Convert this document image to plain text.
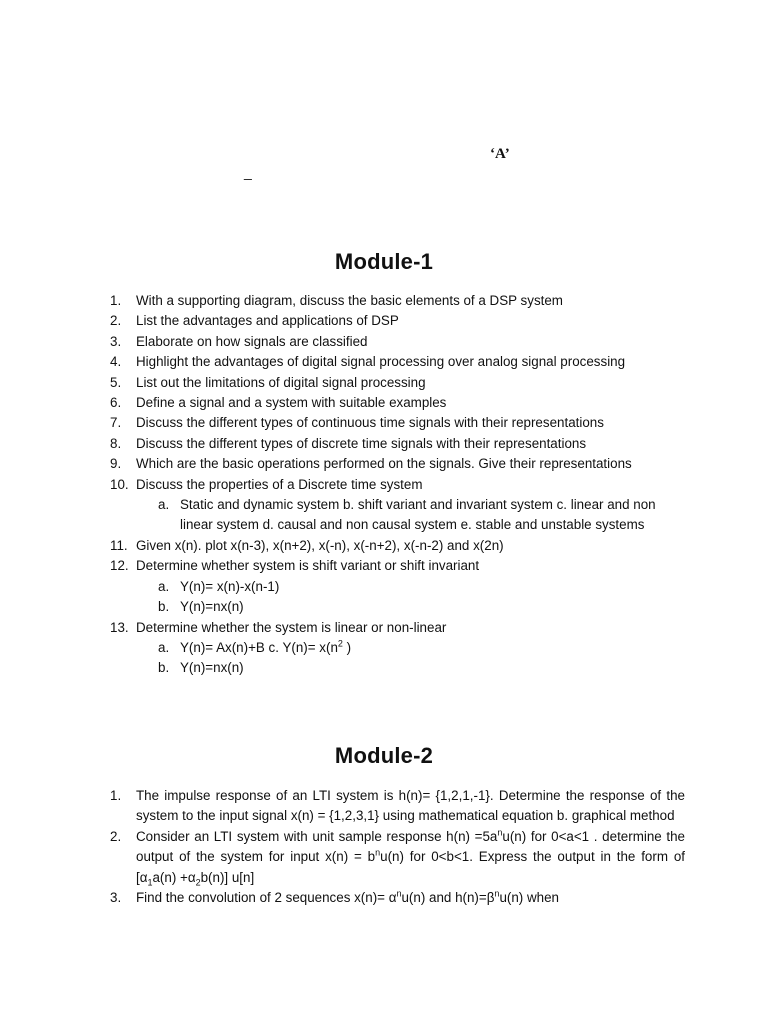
‘A’
_
Module-1
1. With a supporting diagram, discuss the basic elements of a DSP system
2. List the advantages and applications of DSP
3. Elaborate on how signals are classified
4. Highlight the advantages of digital signal processing over analog signal processing
5. List out the limitations of digital signal processing
6. Define a signal and a system with suitable examples
7. Discuss the different types of continuous time signals with their representations
8. Discuss the different types of discrete time signals with their representations
9. Which are the basic operations performed on the signals. Give their representations
10. Discuss the properties of a Discrete time system
a. Static and dynamic system b. shift variant and invariant system c. linear and non linear system d. causal and non causal system e. stable and unstable systems
11. Given x(n). plot x(n-3), x(n+2), x(-n), x(-n+2), x(-n-2) and x(2n)
12. Determine whether system is shift variant or shift invariant
a. Y(n)= x(n)-x(n-1)
b. Y(n)=nx(n)
13. Determine whether the system is linear or non-linear
a. Y(n)= Ax(n)+B c. $Y(n)= x(n^2$ )
b. Y(n)=nx(n)
Module-2
1. The impulse response of an LTI system is h(n)= {1,2,1,-1}. Determine the response of the system to the input signal x(n) = {1,2,3,1} using mathematical equation b. graphical method
2. Consider an LTI system with unit sample response $h(n) =5a^nu(n)$ for 0<a<1 . determine the output of the system for input $x(n) = b^nu(n)$ for 0<b<1. Express the output in the form of $[\alpha_1a(n) +\alpha_2b(n)]$ u[n]
3. Find the convolution of 2 sequences $x(n)= \alpha^nu(n)$ and $h(n)=\beta^nu(n)$ when
